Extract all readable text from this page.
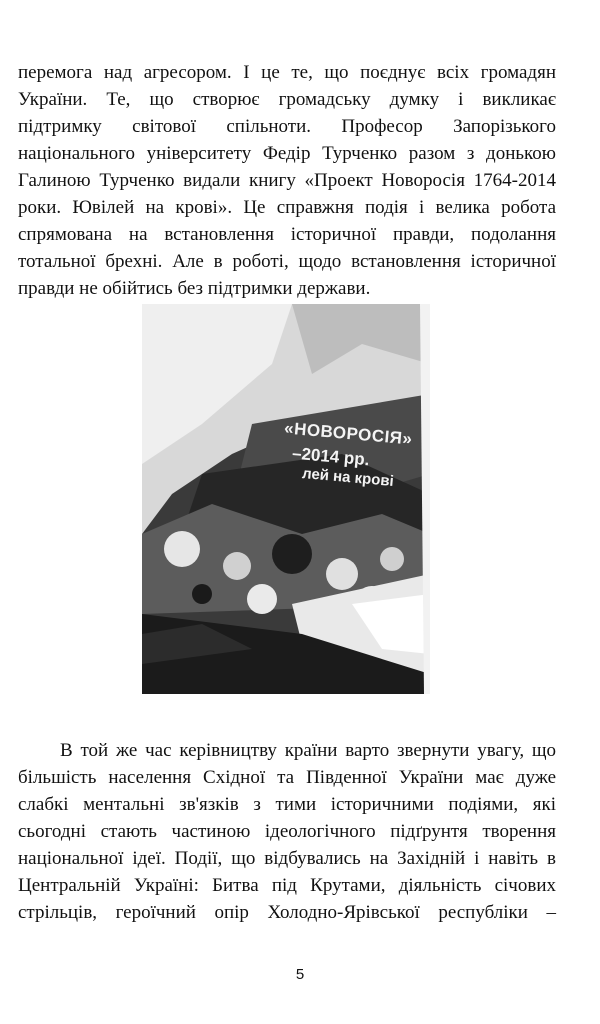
перемога над агресором. І це те, що поєднує всіх громадян
України. Те, що створює громадську думку і викликає
підтримку світової спільноти. Професор Запорізького
національного університету Федір Турченко разом з донькою
Галиною Турченко видали книгу «Проект Новоросія 1764-2014
роки. Ювілей на крові». Це справжня подія і велика робота
спрямована на встановлення історичної правди, подолання
тотальної брехні. Але в роботі, щодо встановлення історичної
правди не обійтись без підтримки держави.
«НОВОРОСІЯ»
–2014 рр.
лей на крові
В той же час керівництву країни варто звернути увагу, що
більшість населення Східної та Південної України має дуже
слабкі ментальні зв'язків з тими історичними подіями, які
сьогодні стають частиною ідеологічного підґрунтя творення
національної ідеї. Події, що відбувались на Західній і навіть в
Центральній Україні: Битва під Крутами, діяльність січових
стрільців, героїчний опір Холодно-Ярівської республіки –
5
